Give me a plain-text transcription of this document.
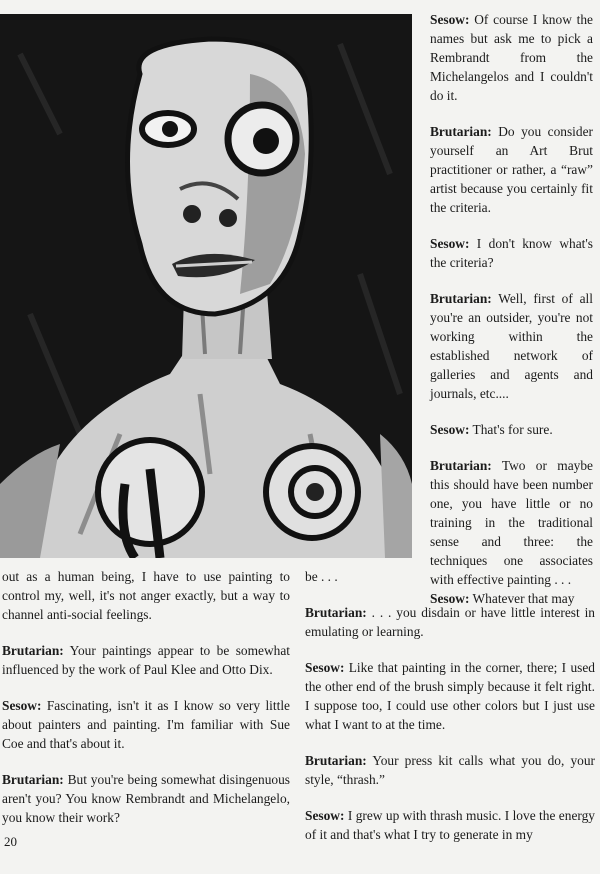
Sesow: Of course I know the names but ask me to pick a Rembrandt from the Michelangelos and I couldn't do it.

Brutarian: Do you consider yourself an Art Brut practitioner or rather, a “raw” artist because you certainly fit the criteria.

Sesow: I don't know what's the criteria?

Brutarian: Well, first of all you're an outsider, you're not working within the established network of galleries and agents and journals, etc....

Sesow: That's for sure.

Brutarian: Two or maybe this should have been number one, you have little or no training in the traditional sense and three: the techniques one associates with effective painting . . .

Sesow: Whatever that may

out as a human being, I have to use painting to control my, well, it's not anger exactly, but a way to channel anti-social feelings.

Brutarian: Your paintings appear to be somewhat influenced by the work of Paul Klee and Otto Dix.

Sesow: Fascinating, isn't it as I know so very little about painters and painting. I'm familiar with Sue Coe and that's about it.

Brutarian: But you're being somewhat disingenuous aren't you? You know Rembrandt and Michelangelo, you know their work?

be . . .

Brutarian: . . . you disdain or have little interest in emulating or learning.

Sesow: Like that painting in the corner, there; I used the other end of the brush simply because it felt right. I suppose too, I could use other colors but I just use what I want to at the time.

Brutarian: Your press kit calls what you do, your style, “thrash.”

Sesow: I grew up with thrash music. I love the energy of it and that's what I try to generate in my

20
